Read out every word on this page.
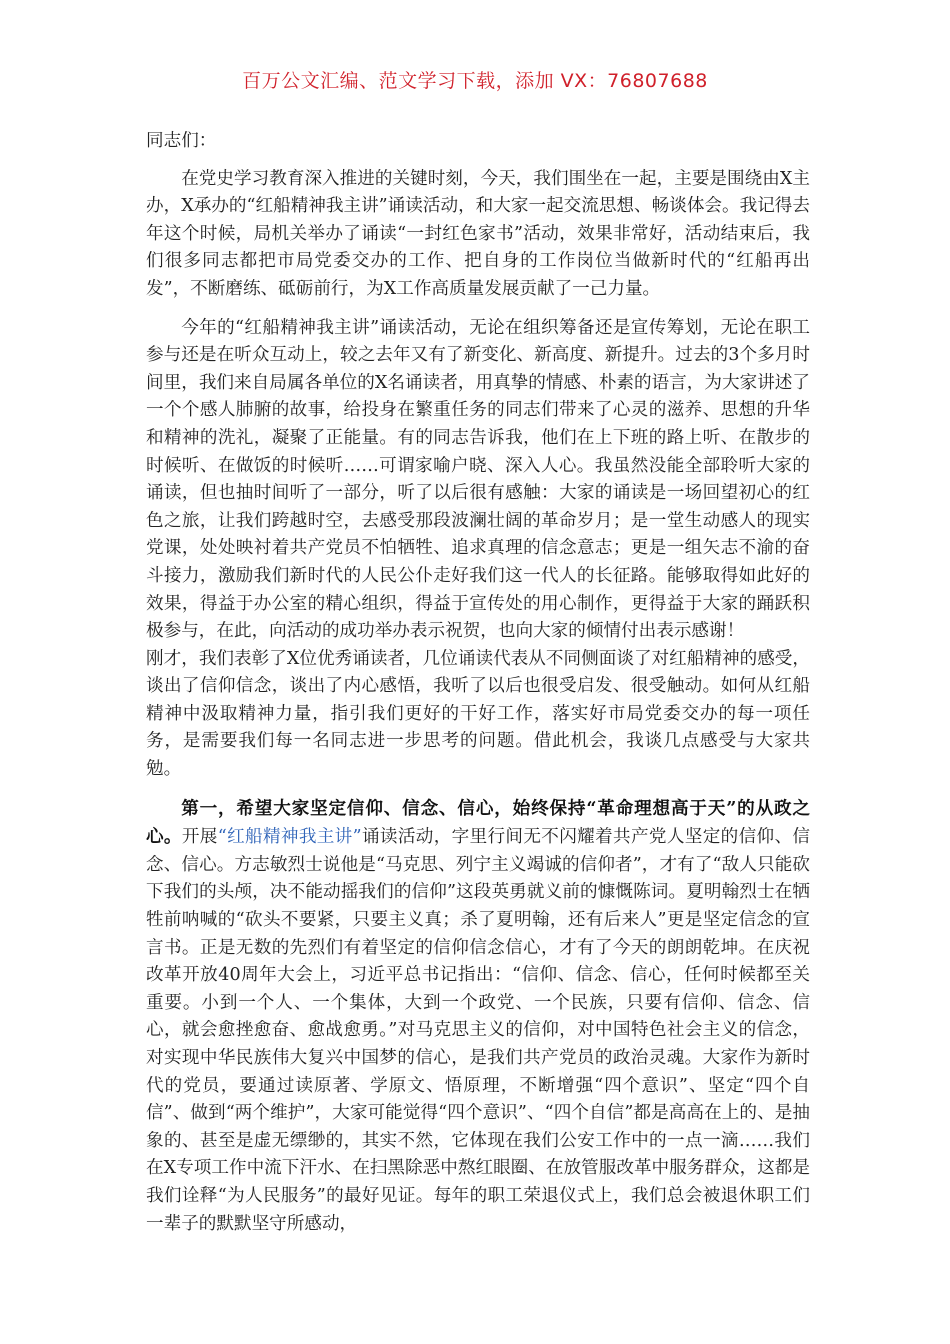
百万公文汇编、范文学习下载，添加 VX：76807688

同志们：

在党史学习教育深入推进的关键时刻，今天，我们围坐在一起，主要是围绕由X主办，X承办的“红船精神我主讲”诵读活动，和大家一起交流思想、畅谈体会。我记得去年这个时候，局机关举办了诵读“一封红色家书”活动，效果非常好，活动结束后，我们很多同志都把市局党委交办的工作、把自身的工作岗位当做新时代的“红船再出发”，不断磨练、砥砺前行，为X工作高质量发展贡献了一己力量。

今年的“红船精神我主讲”诵读活动，无论在组织筹备还是宣传筹划，无论在职工参与还是在听众互动上，较之去年又有了新变化、新高度、新提升。过去的3个多月时间里，我们来自局属各单位的X名诵读者，用真挚的情感、朴素的语言，为大家讲述了一个个感人肺腑的故事，给投身在繁重任务的同志们带来了心灵的滋养、思想的升华和精神的洗礼，凝聚了正能量。有的同志告诉我，他们在上下班的路上听、在散步的时候听、在做饭的时候听……可谓家喻户晓、深入人心。我虽然没能全部聆听大家的诵读，但也抽时间听了一部分，听了以后很有感触：大家的诵读是一场回望初心的红色之旅，让我们跨越时空，去感受那段波澜壮阔的革命岁月；是一堂生动感人的现实党课，处处映衬着共产党员不怕牺牲、追求真理的信念意志；更是一组矢志不渝的奋斗接力，激励我们新时代的人民公仆走好我们这一代人的长征路。能够取得如此好的效果，得益于办公室的精心组织，得益于宣传处的用心制作，更得益于大家的踊跃积极参与，在此，向活动的成功举办表示祝贺，也向大家的倾情付出表示感谢！

刚才，我们表彰了X位优秀诵读者，几位诵读代表从不同侧面谈了对红船精神的感受，谈出了信仰信念，谈出了内心感悟，我听了以后也很受启发、很受触动。如何从红船精神中汲取精神力量，指引我们更好的干好工作，落实好市局党委交办的每一项任务，是需要我们每一名同志进一步思考的问题。借此机会，我谈几点感受与大家共勉。

第一，希望大家坚定信仰、信念、信心，始终保持“革命理想高于天”的从政之心。开展“红船精神我主讲”诵读活动，字里行间无不闪耀着共产党人坚定的信仰、信念、信心。方志敏烈士说他是“马克思、列宁主义竭诚的信仰者”，才有了“敌人只能砍下我们的头颅，决不能动摇我们的信仰”这段英勇就义前的慷慨陈词。夏明翰烈士在牺牲前呐喊的“砍头不要紧，只要主义真；杀了夏明翰，还有后来人”更是坚定信念的宣言书。正是无数的先烈们有着坚定的信仰信念信心，才有了今天的朗朗乾坤。在庆祝改革开放40周年大会上，习近平总书记指出：“信仰、信念、信心，任何时候都至关重要。小到一个人、一个集体，大到一个政党、一个民族，只要有信仰、信念、信心，就会愈挫愈奋、愈战愈勇。”对马克思主义的信仰，对中国特色社会主义的信念，对实现中华民族伟大复兴中国梦的信心，是我们共产党员的政治灵魂。大家作为新时代的党员，要通过读原著、学原文、悟原理，不断增强“四个意识”、坚定“四个自信”、做到“两个维护”，大家可能觉得“四个意识”、“四个自信”都是高高在上的、是抽象的、甚至是虚无缥缈的，其实不然，它体现在我们公安工作中的一点一滴……我们在X专项工作中流下汗水、在扫黑除恶中熬红眼圈、在放管服改革中服务群众，这都是我们诠释“为人民服务”的最好见证。每年的职工荣退仪式上，我们总会被退休职工们一辈子的默默坚守所感动，
